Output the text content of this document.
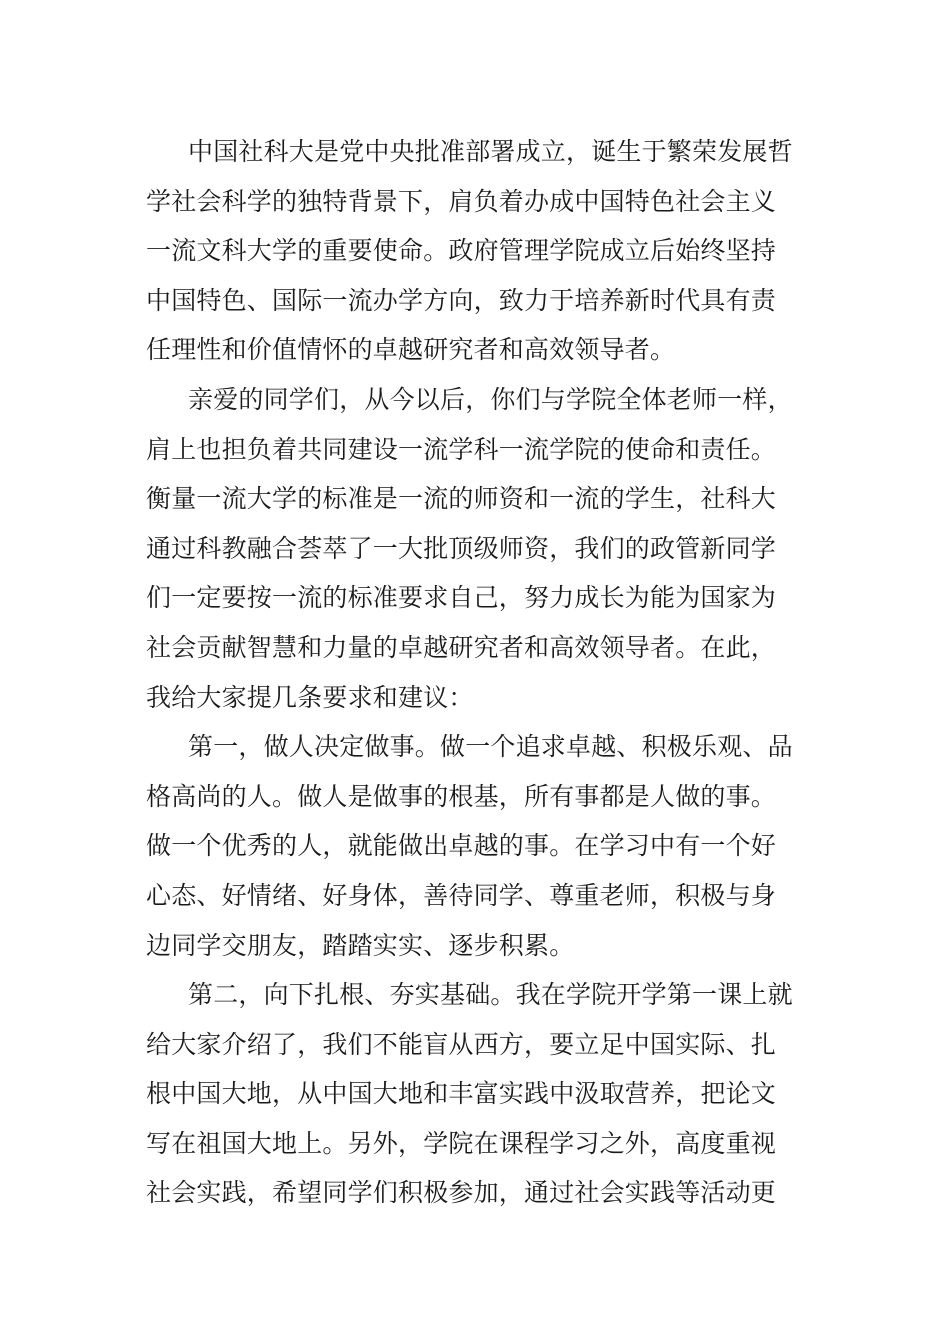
中国社科大是党中央批准部署成立，诞生于繁荣发展哲
学社会科学的独特背景下，肩负着办成中国特色社会主义
一流文科大学的重要使命。政府管理学院成立后始终坚持
中国特色、国际一流办学方向，致力于培养新时代具有责
任理性和价值情怀的卓越研究者和高效领导者。
亲爱的同学们，从今以后，你们与学院全体老师一样，
肩上也担负着共同建设一流学科一流学院的使命和责任。
衡量一流大学的标准是一流的师资和一流的学生，社科大
通过科教融合荟萃了一大批顶级师资，我们的政管新同学
们一定要按一流的标准要求自己，努力成长为能为国家为
社会贡献智慧和力量的卓越研究者和高效领导者。在此，
我给大家提几条要求和建议：
第一，做人决定做事。做一个追求卓越、积极乐观、品
格高尚的人。做人是做事的根基，所有事都是人做的事。
做一个优秀的人，就能做出卓越的事。在学习中有一个好
心态、好情绪、好身体，善待同学、尊重老师，积极与身
边同学交朋友，踏踏实实、逐步积累。
第二，向下扎根、夯实基础。我在学院开学第一课上就
给大家介绍了，我们不能盲从西方，要立足中国实际、扎
根中国大地，从中国大地和丰富实践中汲取营养，把论文
写在祖国大地上。另外，学院在课程学习之外，高度重视
社会实践，希望同学们积极参加，通过社会实践等活动更
